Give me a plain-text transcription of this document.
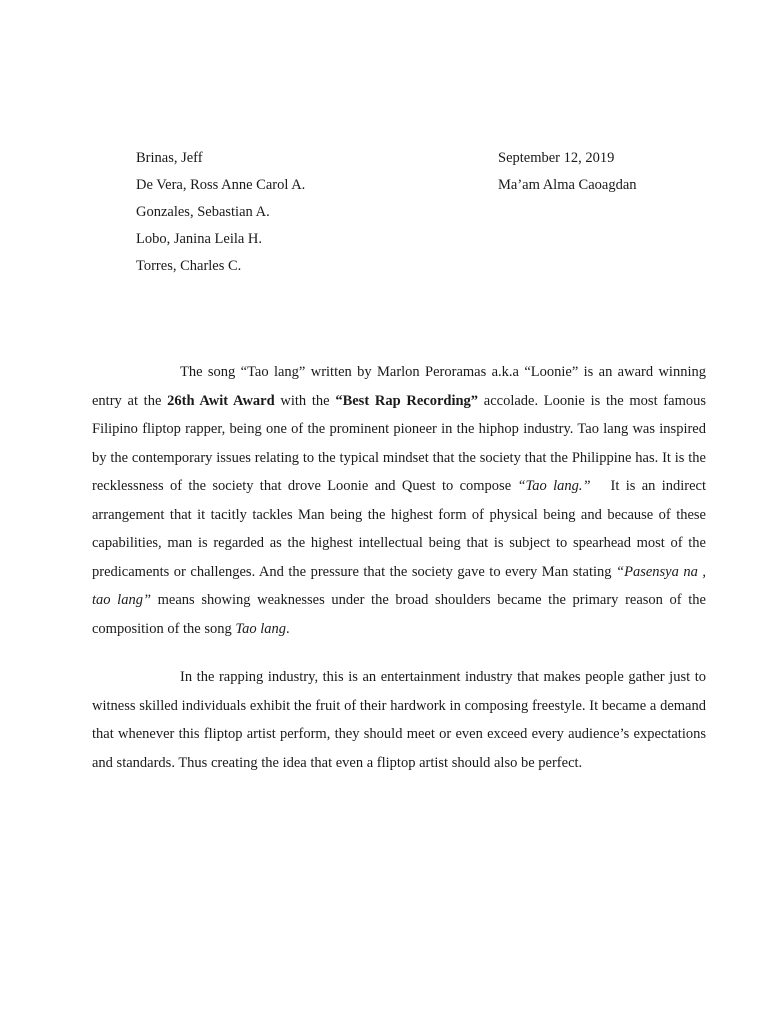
Brinas, Jeff
De Vera, Ross Anne Carol A.
Gonzales, Sebastian A.
Lobo, Janina Leila H.
Torres, Charles C.
September 12, 2019
Ma’am Alma Caoagdan

The song “Tao lang” written by Marlon Peroramas a.k.a “Loonie” is an award winning entry at the 26th Awit Award with the “Best Rap Recording” accolade. Loonie is the most famous Filipino fliptop rapper, being one of the prominent pioneer in the hiphop industry. Tao lang was inspired by the contemporary issues relating to the typical mindset that the society that the Philippine has. It is the recklessness of the society that drove Loonie and Quest to compose “Tao lang.” It is an indirect arrangement that it tacitly tackles Man being the highest form of physical being and because of these capabilities, man is regarded as the highest intellectual being that is subject to spearhead most of the predicaments or challenges. And the pressure that the society gave to every Man stating “Pasensya na , tao lang” means showing weaknesses under the broad shoulders became the primary reason of the composition of the song Tao lang.

In the rapping industry, this is an entertainment industry that makes people gather just to witness skilled individuals exhibit the fruit of their hardwork in composing freestyle. It became a demand that whenever this fliptop artist perform, they should meet or even exceed every audience’s expectations and standards. Thus creating the idea that even a fliptop artist should also be perfect.
